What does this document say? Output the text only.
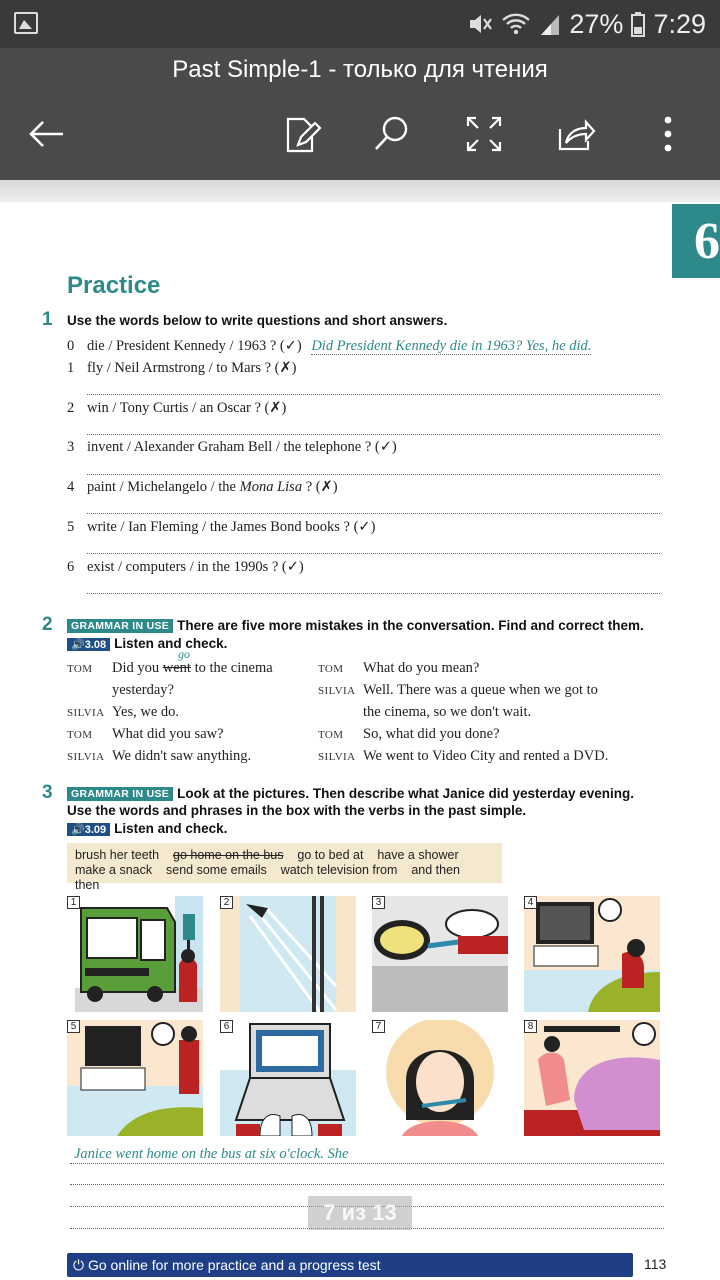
27% 7:29
Past Simple-1 - только для чтения
6
Practice
1 Use the words below to write questions and short answers.
0 die / President Kennedy / 1963 ? (✓) Did President Kennedy die in 1963? Yes, he did.
1 fly / Neil Armstrong / to Mars ? (✗)
2 win / Tony Curtis / an Oscar ? (✗)
3 invent / Alexander Graham Bell / the telephone ? (✓)
4 paint / Michelangelo / the Mona Lisa ? (✗)
5 write / Ian Fleming / the James Bond books ? (✓)
6 exist / computers / in the 1990s ? (✓)
2	GRAMMAR IN USE There are five more mistakes in the conversation. Find and correct them.
🔊3.08 Listen and check.
go
TOM Did you went to the cinema
yesterday?
SILVIA Yes, we do.
TOM What did you saw?
SILVIA We didn't saw anything.
TOM What do you mean?
SILVIA Well. There was a queue when we got to
the cinema, so we don't wait.
TOM So, what did you done?
SILVIA We went to Video City and rented a DVD.
3	GRAMMAR IN USE Look at the pictures. Then describe what Janice did yesterday evening.
Use the words and phrases in the box with the verbs in the past simple.
🔊3.09 Listen and check.
brush her teeth go home on the bus go to bed at have a shower
make a snack send some emails watch television from and then    then
1	2	3	4
5	6	7	8
Janice went home on the bus at six o'clock. She
7 из 13
⏻ Go online for more practice and a progress test	113
